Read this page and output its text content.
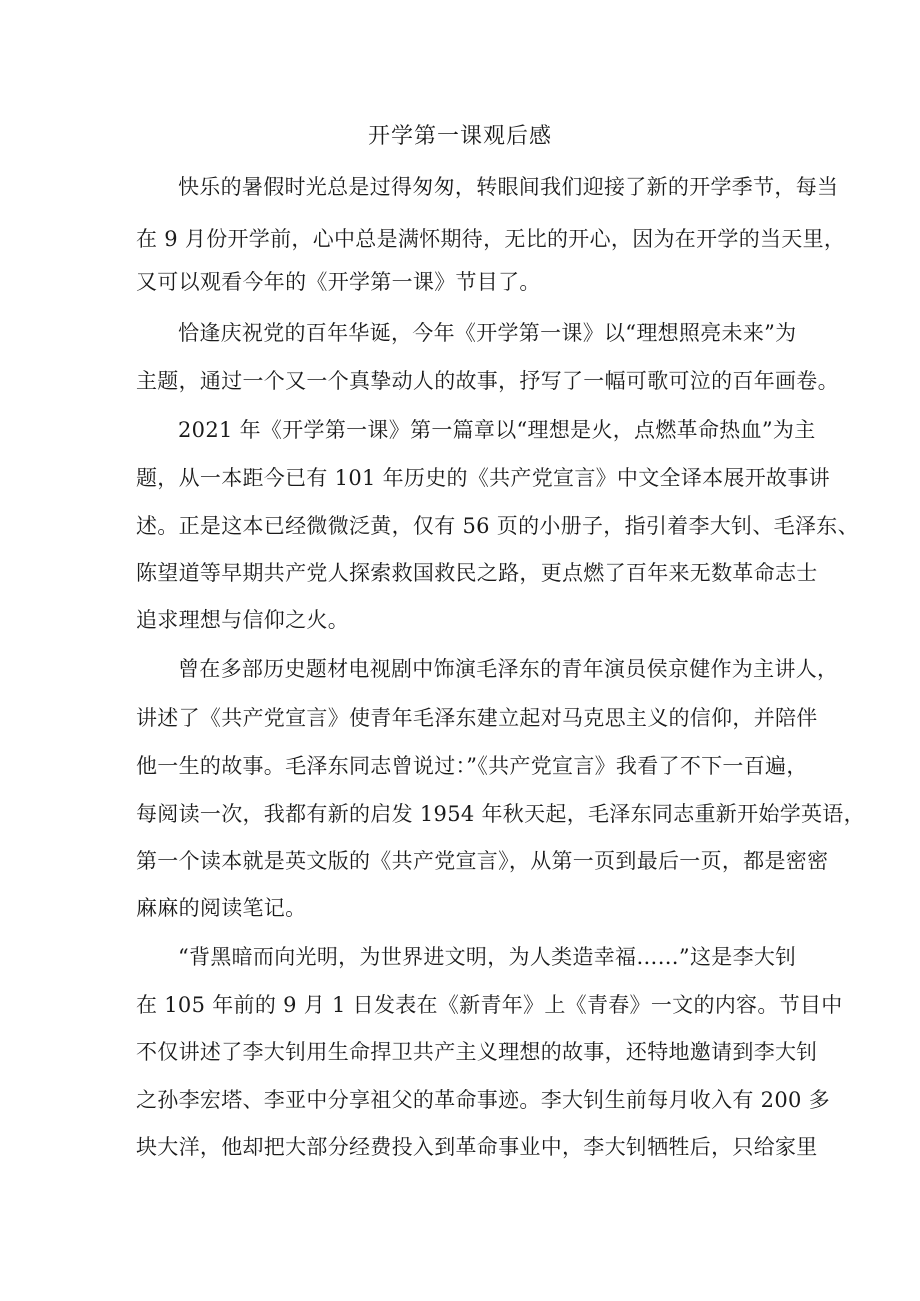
开学第一课观后感
快乐的暑假时光总是过得匆匆，转眼间我们迎接了新的开学季节，每当
在 9 月份开学前，心中总是满怀期待，无比的开心，因为在开学的当天里，
又可以观看今年的《开学第一课》节目了。
恰逢庆祝党的百年华诞，今年《开学第一课》以“理想照亮未来”为
主题，通过一个又一个真挚动人的故事，抒写了一幅可歌可泣的百年画卷。
2021 年《开学第一课》第一篇章以“理想是火，点燃革命热血”为主
题，从一本距今已有 101 年历史的《共产党宣言》中文全译本展开故事讲
述。正是这本已经微微泛黄，仅有 56 页的小册子，指引着李大钊、毛泽东、
陈望道等早期共产党人探索救国救民之路，更点燃了百年来无数革命志士
追求理想与信仰之火。
曾在多部历史题材电视剧中饰演毛泽东的青年演员侯京健作为主讲人，
讲述了《共产党宣言》使青年毛泽东建立起对马克思主义的信仰，并陪伴
他一生的故事。毛泽东同志曾说过：”《共产党宣言》我看了不下一百遍，
每阅读一次，我都有新的启发 1954 年秋天起，毛泽东同志重新开始学英语，
第一个读本就是英文版的《共产党宣言》，从第一页到最后一页，都是密密
麻麻的阅读笔记。
“背黑暗而向光明，为世界进文明，为人类造幸福……”这是李大钊
在 105 年前的 9 月 1 日发表在《新青年》上《青春》一文的内容。节目中
不仅讲述了李大钊用生命捍卫共产主义理想的故事，还特地邀请到李大钊
之孙李宏塔、李亚中分享祖父的革命事迹。李大钊生前每月收入有 200 多
块大洋，他却把大部分经费投入到革命事业中，李大钊牺牲后，只给家里
